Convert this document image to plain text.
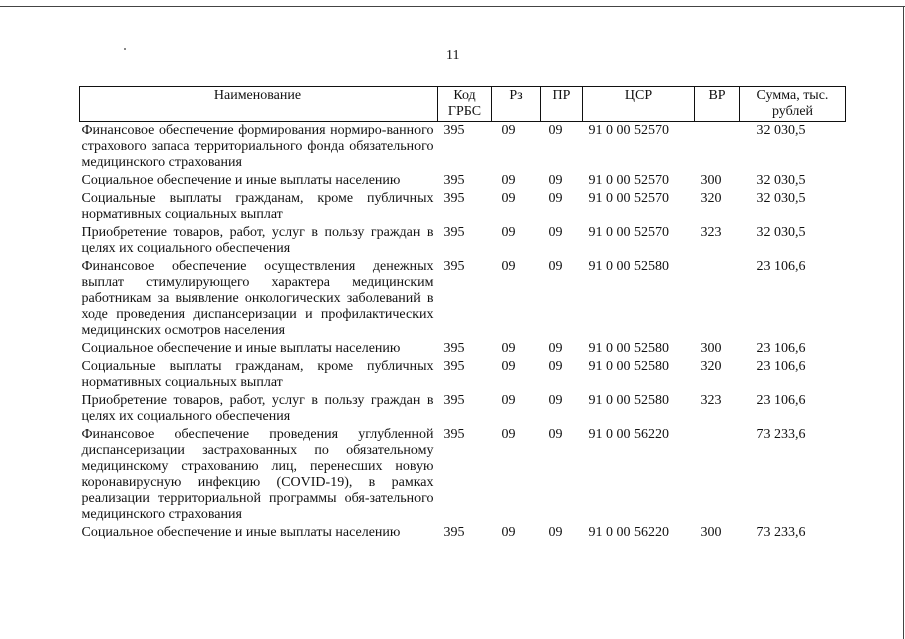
11
Наименование	Код ГРБС	Рз	ПР	ЦСР	ВР	Сумма, тыс. рублей
Финансовое обеспечение формирования нормиро-ванного страхового запаса территориального фонда обязательного медицинского страхования	395	09	09	91 0 00 52570		32 030,5
Социальное обеспечение и иные выплаты населению	395	09	09	91 0 00 52570	300	32 030,5
Социальные выплаты гражданам, кроме публичных нормативных социальных выплат	395	09	09	91 0 00 52570	320	32 030,5
Приобретение товаров, работ, услуг в пользу граждан в целях их социального обеспечения	395	09	09	91 0 00 52570	323	32 030,5
Финансовое обеспечение осуществления денежных выплат стимулирующего характера медицинским работникам за выявление онкологических заболеваний в ходе проведения диспансеризации и профилактических медицинских осмотров населения	395	09	09	91 0 00 52580		23 106,6
Социальное обеспечение и иные выплаты населению	395	09	09	91 0 00 52580	300	23 106,6
Социальные выплаты гражданам, кроме публичных нормативных социальных выплат	395	09	09	91 0 00 52580	320	23 106,6
Приобретение товаров, работ, услуг в пользу граждан в целях их социального обеспечения	395	09	09	91 0 00 52580	323	23 106,6
Финансовое обеспечение проведения углубленной диспансеризации застрахованных по обязательному медицинскому страхованию лиц, перенесших новую коронавирусную инфекцию (COVID-19), в рамках реализации территориальной программы обя-зательного медицинского страхования	395	09	09	91 0 00 56220		73 233,6
Социальное обеспечение и иные выплаты населению	395	09	09	91 0 00 56220	300	73 233,6
